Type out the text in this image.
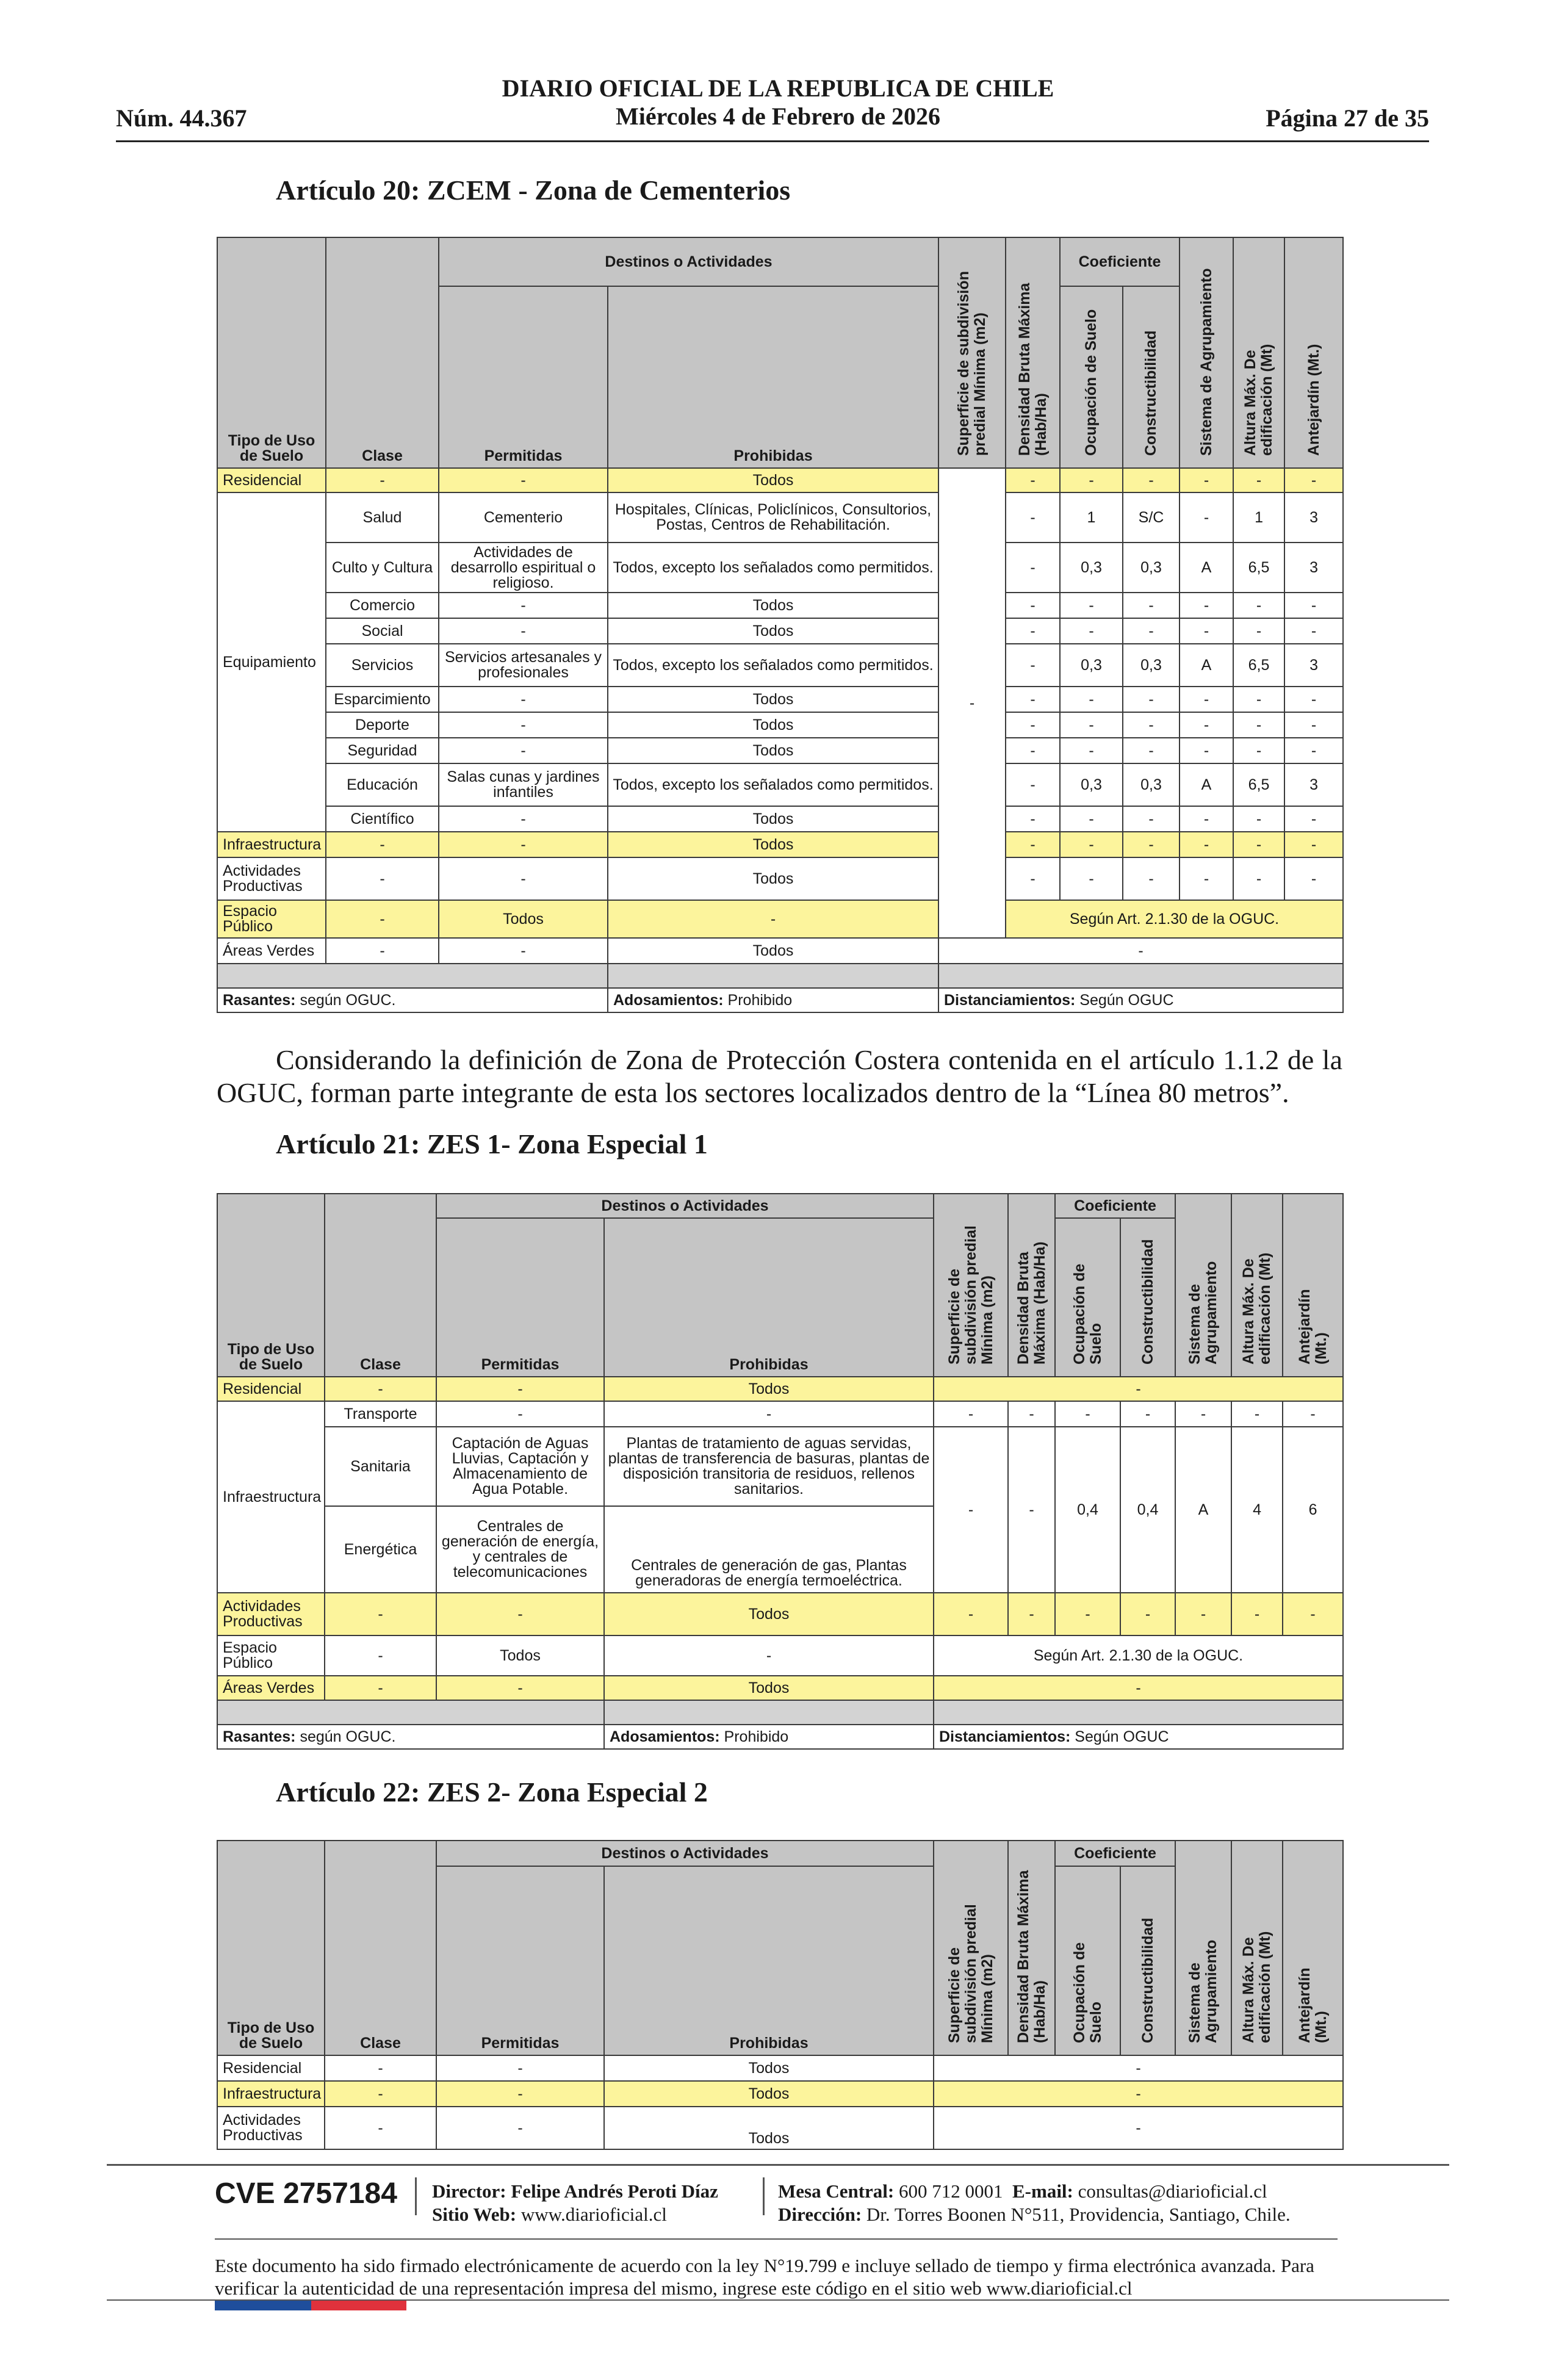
Núm. 44.367
DIARIO OFICIAL DE LA REPUBLICA DE CHILE
Miércoles 4 de Febrero de 2026	Página 27 de 35
Artículo 20: ZCEM - Zona de Cementerios
Tipo de Uso de Suelo	Clase	Destinos o Actividades		Superficie de subdivisión predial Mínima (m2)	Densidad Bruta Máxima (Hab/Ha)	Coeficiente		Sistema de Agrupamiento	Altura Máx. De edificación (Mt)	Antejardín (Mt.)
		Permitidas	Prohibidas			Ocupación de Suelo	Constructibilidad			
Residencial	-	-	Todos	-	-	-	-	-	-	-
Equipamiento	Salud	Cementerio	Hospitales, Clínicas, Policlínicos, Consultorios, Postas, Centros de Rehabilitación.		-	1	S/C	-	1	3
	Culto y Cultura	Actividades de desarrollo espiritual o religioso.	Todos, excepto los señalados como permitidos.		-	0,3	0,3	A	6,5	3
	Comercio	-	Todos		-	-	-	-	-	-
	Social	-	Todos		-	-	-	-	-	-
	Servicios	Servicios artesanales y profesionales	Todos, excepto los señalados como permitidos.		-	0,3	0,3	A	6,5	3
	Esparcimiento	-	Todos		-	-	-	-	-	-
	Deporte	-	Todos		-	-	-	-	-	-
	Seguridad	-	Todos		-	-	-	-	-	-
	Educación	Salas cunas y jardines infantiles	Todos, excepto los señalados como permitidos.		-	0,3	0,3	A	6,5	3
	Científico	-	Todos		-	-	-	-	-	-
Infraestructura	-	-	Todos		-	-	-	-	-	-
Actividades Productivas	-	-	Todos		-	-	-	-	-	-
Espacio Público	-	Todos	-		Según Art. 2.1.30 de la OGUC.					
Áreas Verdes	-	-	Todos	-						

Rasantes: según OGUC.			Adosamientos: Prohibido	Distanciamientos: Según OGUC						
Considerando la definición de Zona de Protección Costera contenida en el artículo 1.1.2 de la OGUC, forman parte integrante de esta los sectores localizados dentro de la “Línea 80 metros”.
Artículo 21: ZES 1- Zona Especial 1
Tipo de Uso de Suelo	Clase	Destinos o Actividades		Superficie de subdivisión predial Mínima (m2)	Densidad Bruta Máxima (Hab/Ha)	Coeficiente		Sistema de Agrupamiento	Altura Máx. De edificación (Mt)	Antejardín (Mt.)
		Permitidas	Prohibidas			Ocupación de Suelo	Constructibilidad			
Residencial	-	-	Todos	-						
Infraestructura	Transporte	-	-	-	-	-	-	-	-	-
	Sanitaria	Captación de Aguas Lluvias, Captación y Almacenamiento de Agua Potable.	Plantas de tratamiento de aguas servidas, plantas de transferencia de basuras, plantas de disposición transitoria de residuos, rellenos sanitarios.	-	-	0,4	0,4	A	4	6
	Energética	Centrales de generación de energía, y centrales de telecomunicaciones	Centrales de generación de gas, Plantas generadoras de energía termoeléctrica.							
Actividades Productivas	-	-	Todos	-	-	-	-	-	-	-
Espacio Público	-	Todos	-	Según Art. 2.1.30 de la OGUC.						
Áreas Verdes	-	-	Todos	-						

Rasantes: según OGUC.			Adosamientos: Prohibido	Distanciamientos: Según OGUC						
Artículo 22: ZES 2- Zona Especial 2
Tipo de Uso de Suelo	Clase	Destinos o Actividades		Superficie de subdivisión predial Mínima (m2)	Densidad Bruta Máxima (Hab/Ha)	Coeficiente		Sistema de Agrupamiento	Altura Máx. De edificación (Mt)	Antejardín (Mt.)
		Permitidas	Prohibidas			Ocupación de Suelo	Constructibilidad			
Residencial	-	-	Todos	-						
Infraestructura	-	-	Todos	-						
Actividades Productivas	-	-	Todos	-						
CVE 2757184 Director: Felipe Andrés Peroti Díaz
Sitio Web: www.diarioficial.cl
Mesa Central: 600 712 0001 E-mail: consultas@diarioficial.cl
Dirección: Dr. Torres Boonen N°511, Providencia, Santiago, Chile.
Este documento ha sido firmado electrónicamente de acuerdo con la ley N°19.799 e incluye sellado de tiempo y firma electrónica avanzada. Para verificar la autenticidad de una representación impresa del mismo, ingrese este código en el sitio web www.diarioficial.cl
